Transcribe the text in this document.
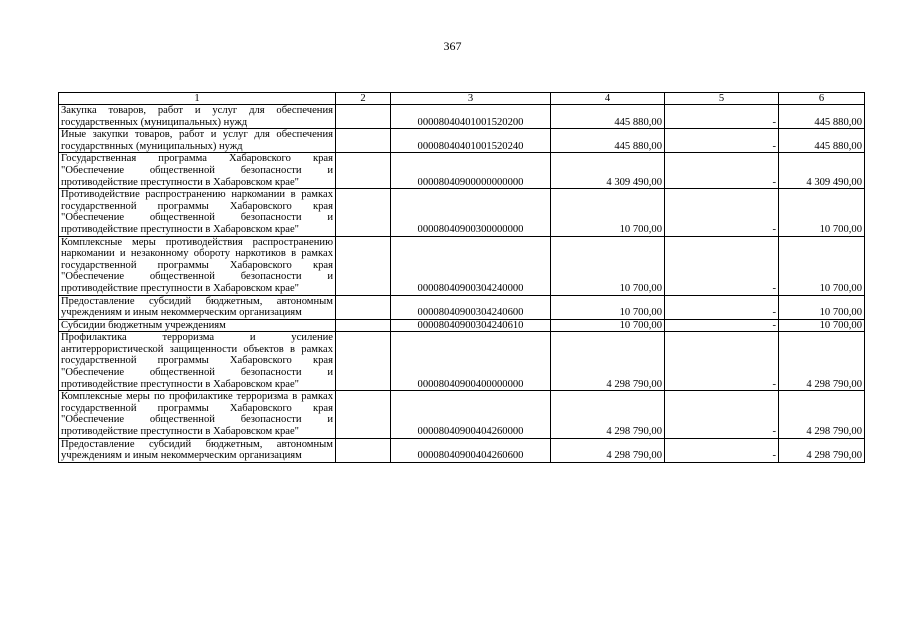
367
1	2	3	4	5	6
Закупка товаров, работ и услуг для обеспечения государственных (муниципальных) нужд		00008040401001520200	445 880,00	-	445 880,00
Иные закупки товаров, работ и услуг для обеспечения государствнных (муниципальных) нужд		00008040401001520240	445 880,00	-	445 880,00
Государственная программа Хабаровского края "Обеспечение общественной безопасности и противодействие преступности в Хабаровском крае"		00008040900000000000	4 309 490,00	-	4 309 490,00
Противодействие распространению наркомании в рамках государственной программы Хабаровского края "Обеспечение общественной безопасности и противодействие преступности в Хабаровском крае"		00008040900300000000	10 700,00	-	10 700,00
Комплексные меры противодействия распространению наркомании и незаконному обороту наркотиков в рамках государственной программы Хабаровского края "Обеспечение общественной безопасности и противодействие преступности в Хабаровском крае"		00008040900304240000	10 700,00	-	10 700,00
Предоставление субсидий бюджетным, автономным учреждениям и иным некоммерческим организациям		00008040900304240600	10 700,00	-	10 700,00
Субсидии бюджетным учреждениям		00008040900304240610	10 700,00	-	10 700,00
Профилактика терроризма и усиление антитеррористической защищенности объектов в рамках государственной программы Хабаровского края "Обеспечение общественной безопасности и противодействие преступности в Хабаровском крае"		00008040900400000000	4 298 790,00	-	4 298 790,00
Комплексные меры по профилактике терроризма в рамках государственной программы Хабаровского края "Обеспечение общественной безопасности и противодействие преступности в Хабаровском крае"		00008040900404260000	4 298 790,00	-	4 298 790,00
Предоставление субсидий бюджетным, автономным учреждениям и иным некоммерческим организациям		00008040900404260600	4 298 790,00	-	4 298 790,00
